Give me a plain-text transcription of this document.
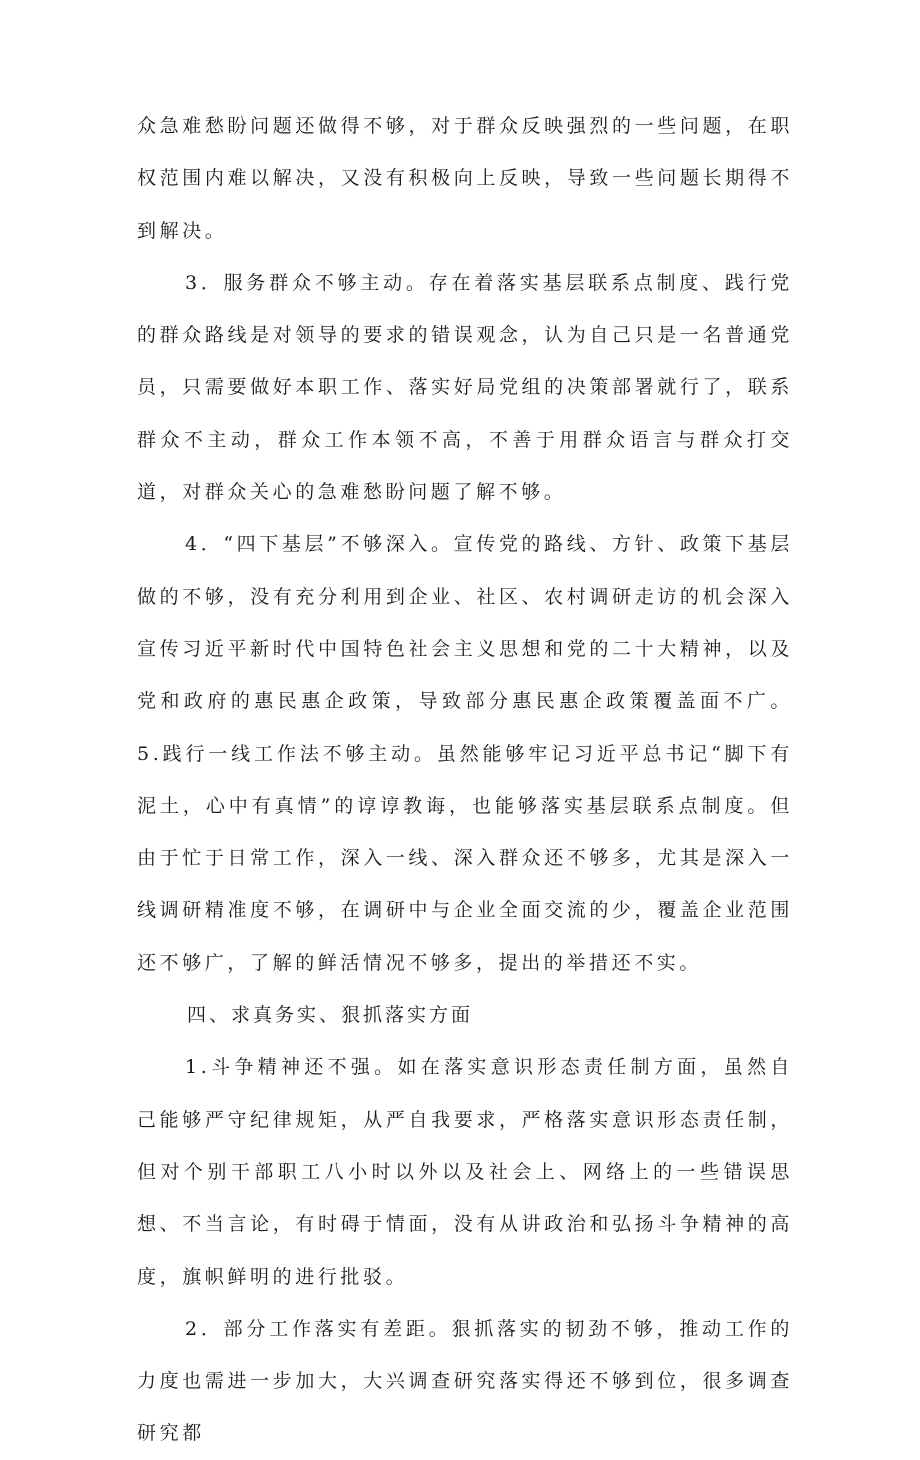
众急难愁盼问题还做得不够，对于群众反映强烈的一些问题，在职权范围内难以解决，又没有积极向上反映，导致一些问题长期得不到解决。

3．服务群众不够主动。存在着落实基层联系点制度、践行党的群众路线是对领导的要求的错误观念，认为自己只是一名普通党员，只需要做好本职工作、落实好局党组的决策部署就行了，联系群众不主动，群众工作本领不高，不善于用群众语言与群众打交道，对群众关心的急难愁盼问题了解不够。

4．“四下基层”不够深入。宣传党的路线、方针、政策下基层做的不够，没有充分利用到企业、社区、农村调研走访的机会深入宣传习近平新时代中国特色社会主义思想和党的二十大精神，以及党和政府的惠民惠企政策，导致部分惠民惠企政策覆盖面不广。5.践行一线工作法不够主动。虽然能够牢记习近平总书记“脚下有泥土，心中有真情”的谆谆教诲，也能够落实基层联系点制度。但由于忙于日常工作，深入一线、深入群众还不够多，尤其是深入一线调研精准度不够，在调研中与企业全面交流的少，覆盖企业范围还不够广，了解的鲜活情况不够多，提出的举措还不实。

四、求真务实、狠抓落实方面

1.斗争精神还不强。如在落实意识形态责任制方面，虽然自己能够严守纪律规矩，从严自我要求，严格落实意识形态责任制，但对个别干部职工八小时以外以及社会上、网络上的一些错误思想、不当言论，有时碍于情面，没有从讲政治和弘扬斗争精神的高度，旗帜鲜明的进行批驳。

2．部分工作落实有差距。狠抓落实的韧劲不够，推动工作的力度也需进一步加大，大兴调查研究落实得还不够到位，很多调查研究都
